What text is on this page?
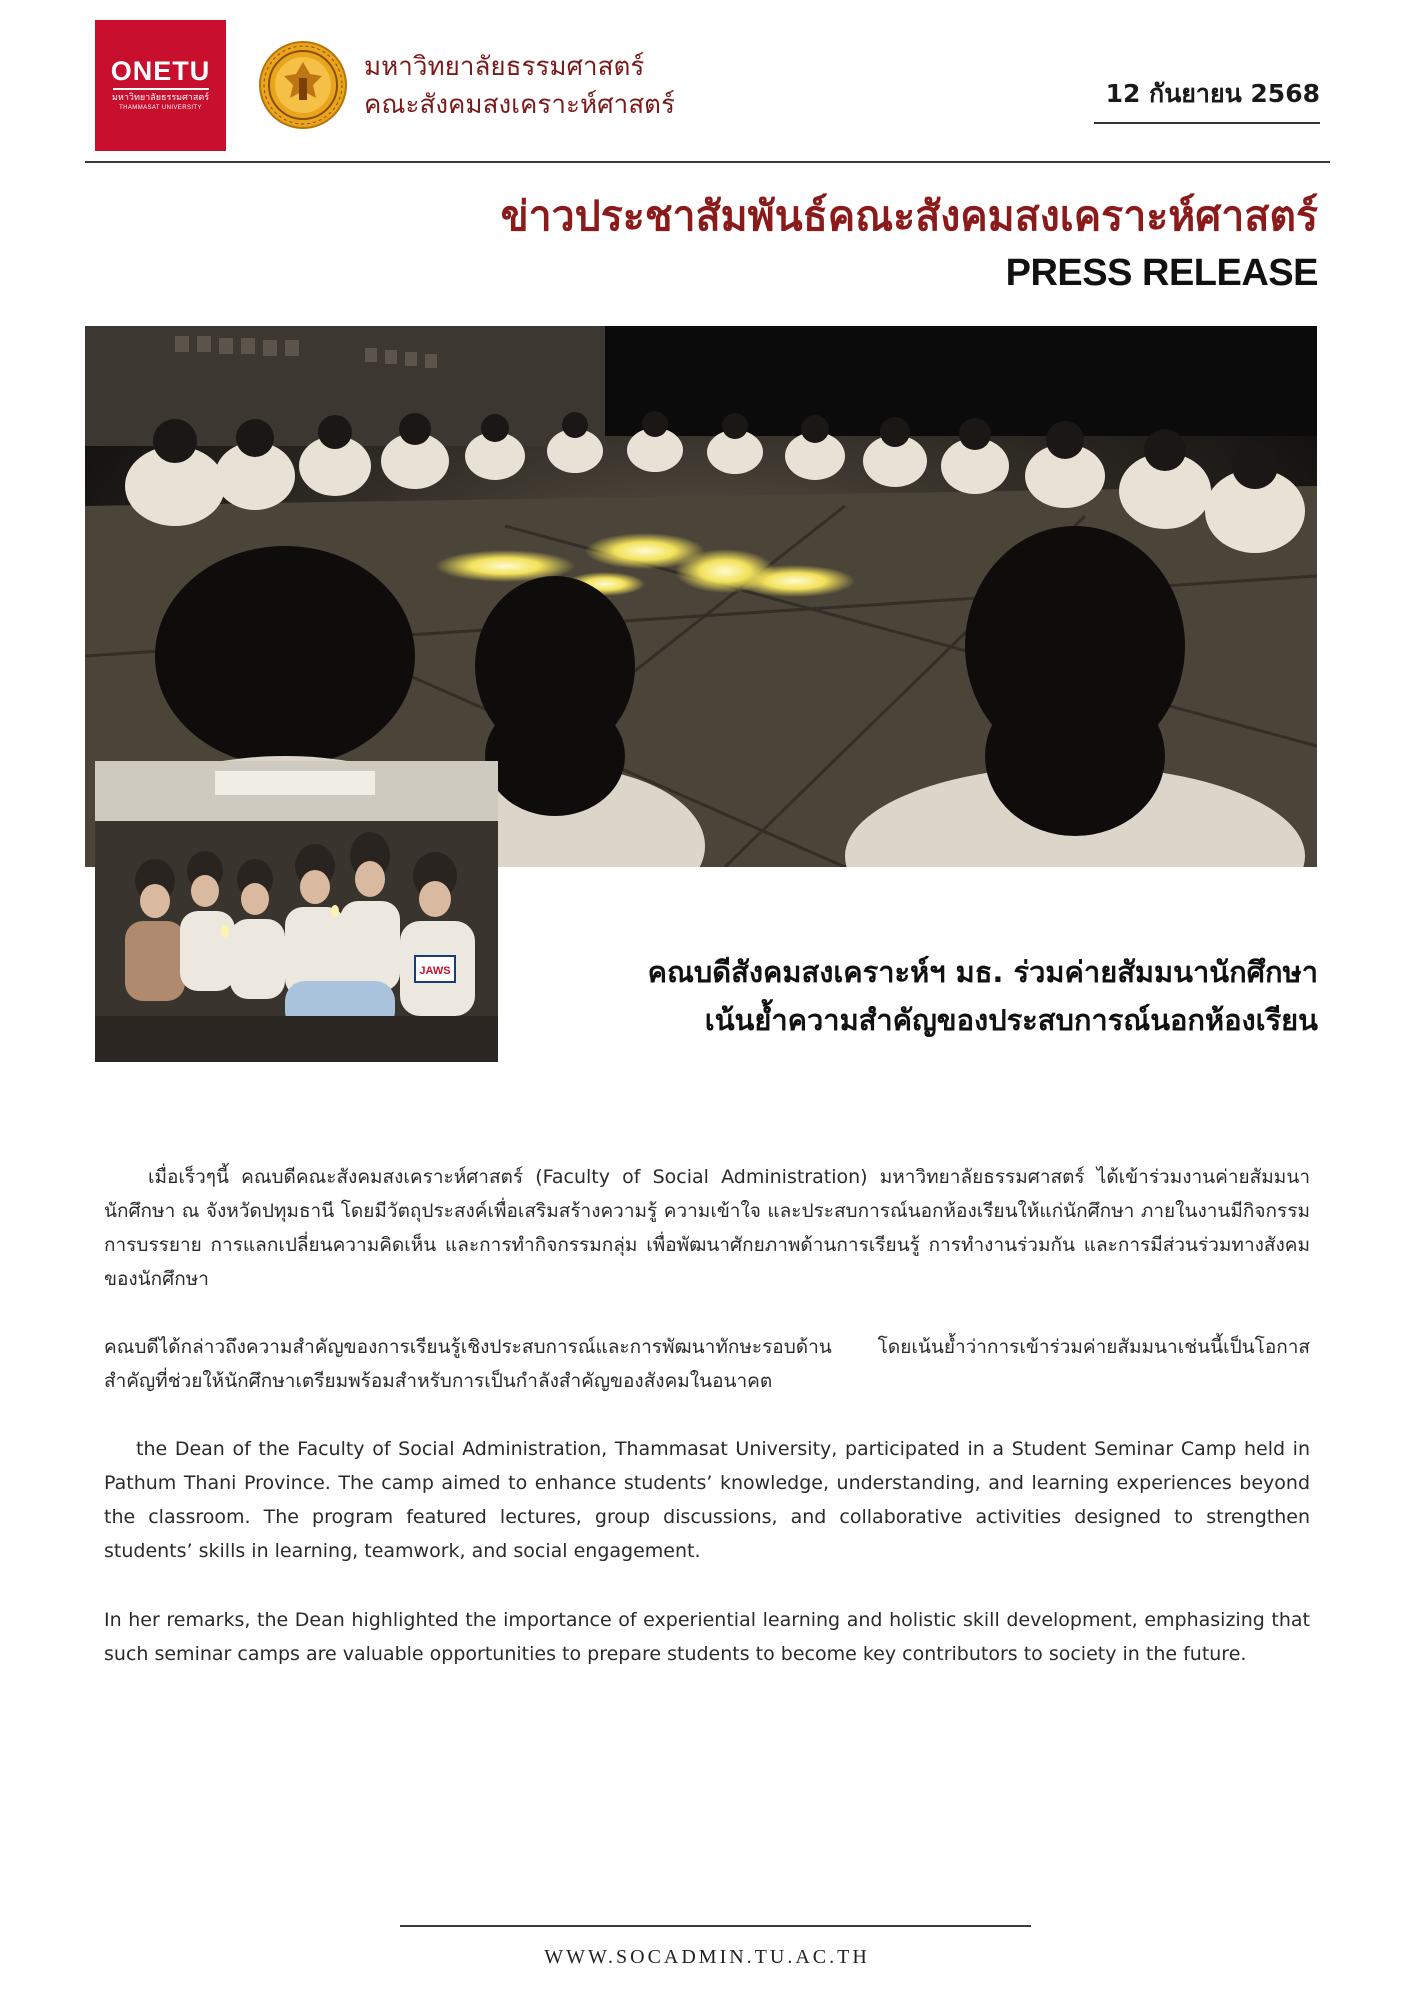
ONETU
มหาวิทยาลัยธรรมศาสตร์
THAMMASAT UNIVERSITY
มหาวิทยาลัยธรรมศาสตร์
คณะสังคมสงเคราะห์ศาสตร์	12 กันยายน 2568
ข่าวประชาสัมพันธ์คณะสังคมสงเคราะห์ศาสตร์
PRESS RELEASE
JAWS	คณบดีสังคมสงเคราะห์ฯ มธ. ร่วมค่ายสัมมนานักศึกษา
เน้นย้ำความสำคัญของประสบการณ์นอกห้องเรียน
เมื่อเร็วๆนี้ คณบดีคณะสังคมสงเคราะห์ศาสตร์ (Faculty of Social Administration) มหาวิทยาลัยธรรมศาสตร์ ได้เข้าร่วมงานค่ายสัมมนานักศึกษา ณ จังหวัดปทุมธานี โดยมีวัตถุประสงค์เพื่อเสริมสร้างความรู้ ความเข้าใจ และประสบการณ์นอกห้องเรียนให้แก่นักศึกษา ภายในงานมีกิจกรรมการบรรยาย การแลกเปลี่ยนความคิดเห็น และการทำกิจกรรมกลุ่ม เพื่อพัฒนาศักยภาพด้านการเรียนรู้ การทำงานร่วมกัน และการมีส่วนร่วมทางสังคมของนักศึกษา
คณบดีได้กล่าวถึงความสำคัญของการเรียนรู้เชิงประสบการณ์และการพัฒนาทักษะรอบด้าน โดยเน้นย้ำว่าการเข้าร่วมค่ายสัมมนาเช่นนี้เป็นโอกาสสำคัญที่ช่วยให้นักศึกษาเตรียมพร้อมสำหรับการเป็นกำลังสำคัญของสังคมในอนาคต
the Dean of the Faculty of Social Administration, Thammasat University, participated in a Student Seminar Camp held in Pathum Thani Province. The camp aimed to enhance students’ knowledge, understanding, and learning experiences beyond the classroom. The program featured lectures, group discussions, and collaborative activities designed to strengthen students’ skills in learning, teamwork, and social engagement.
In her remarks, the Dean highlighted the importance of experiential learning and holistic skill development, emphasizing that such seminar camps are valuable opportunities to prepare students to become key contributors to society in the future.
WWW.SOCADMIN.TU.AC.TH
